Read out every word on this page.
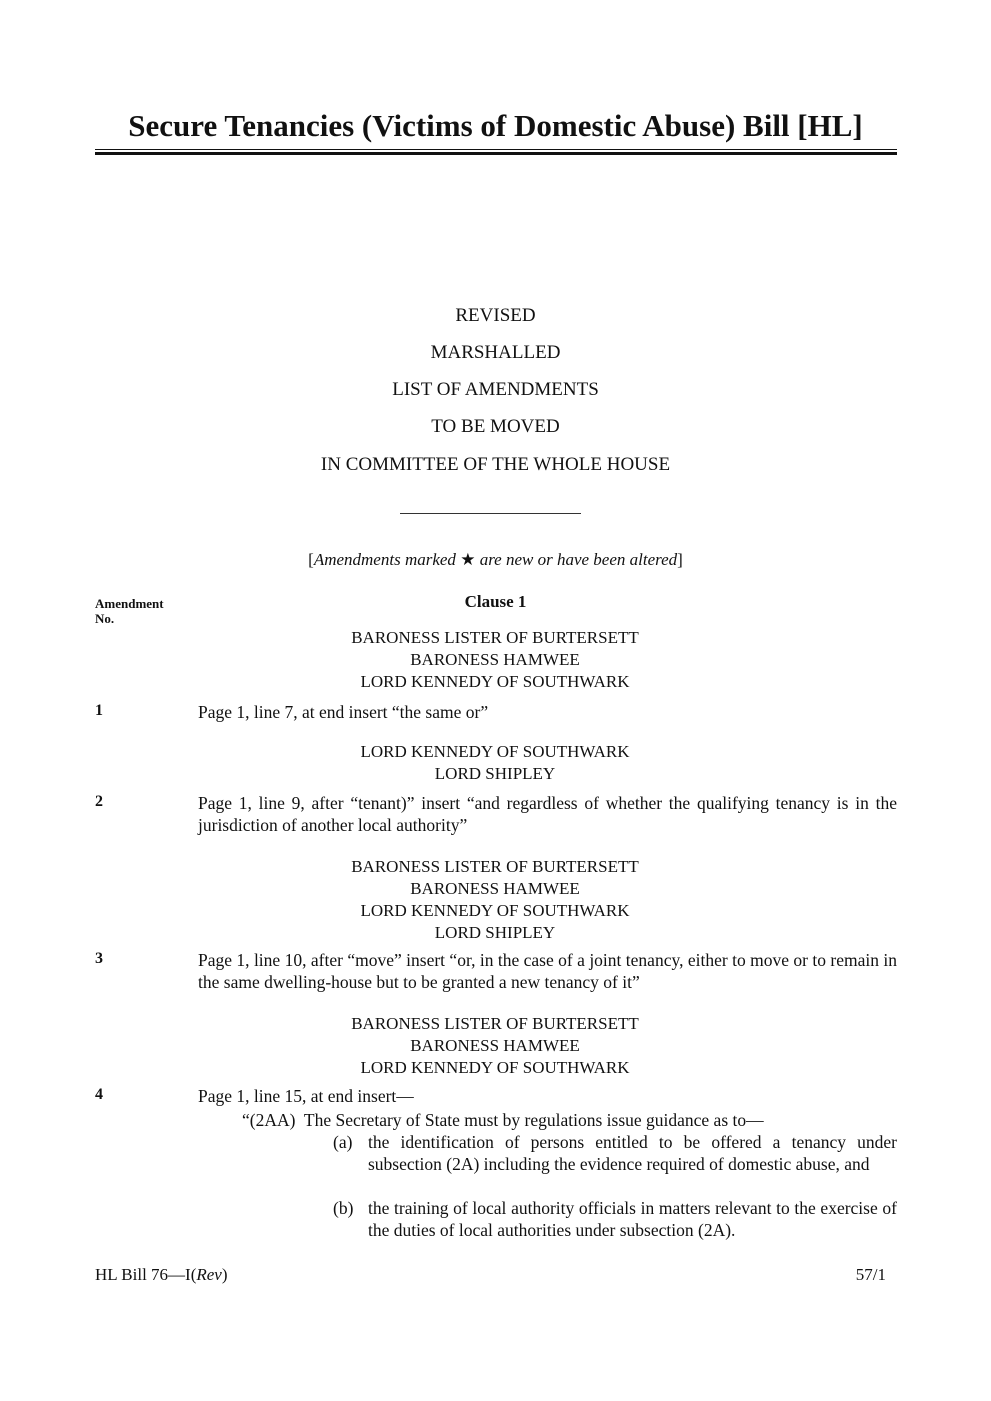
Secure Tenancies (Victims of Domestic Abuse) Bill [HL]
REVISED
MARSHALLED
LIST OF AMENDMENTS
TO BE MOVED
IN COMMITTEE OF THE WHOLE HOUSE
[Amendments marked ★ are new or have been altered]
Amendment No.
Clause 1
BARONESS LISTER OF BURTERSETT
BARONESS HAMWEE
LORD KENNEDY OF SOUTHWARK
1	Page 1, line 7, at end insert “the same or”
LORD KENNEDY OF SOUTHWARK
LORD SHIPLEY
2	Page 1, line 9, after “tenant)” insert “and regardless of whether the qualifying tenancy is in the jurisdiction of another local authority”
BARONESS LISTER OF BURTERSETT
BARONESS HAMWEE
LORD KENNEDY OF SOUTHWARK
LORD SHIPLEY
3	Page 1, line 10, after “move” insert “or, in the case of a joint tenancy, either to move or to remain in the same dwelling-house but to be granted a new tenancy of it”
BARONESS LISTER OF BURTERSETT
BARONESS HAMWEE
LORD KENNEDY OF SOUTHWARK
4	Page 1, line 15, at end insert—
“(2AA)  The Secretary of State must by regulations issue guidance as to—
(a) the identification of persons entitled to be offered a tenancy under subsection (2A) including the evidence required of domestic abuse, and
(b) the training of local authority officials in matters relevant to the exercise of the duties of local authorities under subsection (2A).
HL Bill 76—I(Rev)	57/1
